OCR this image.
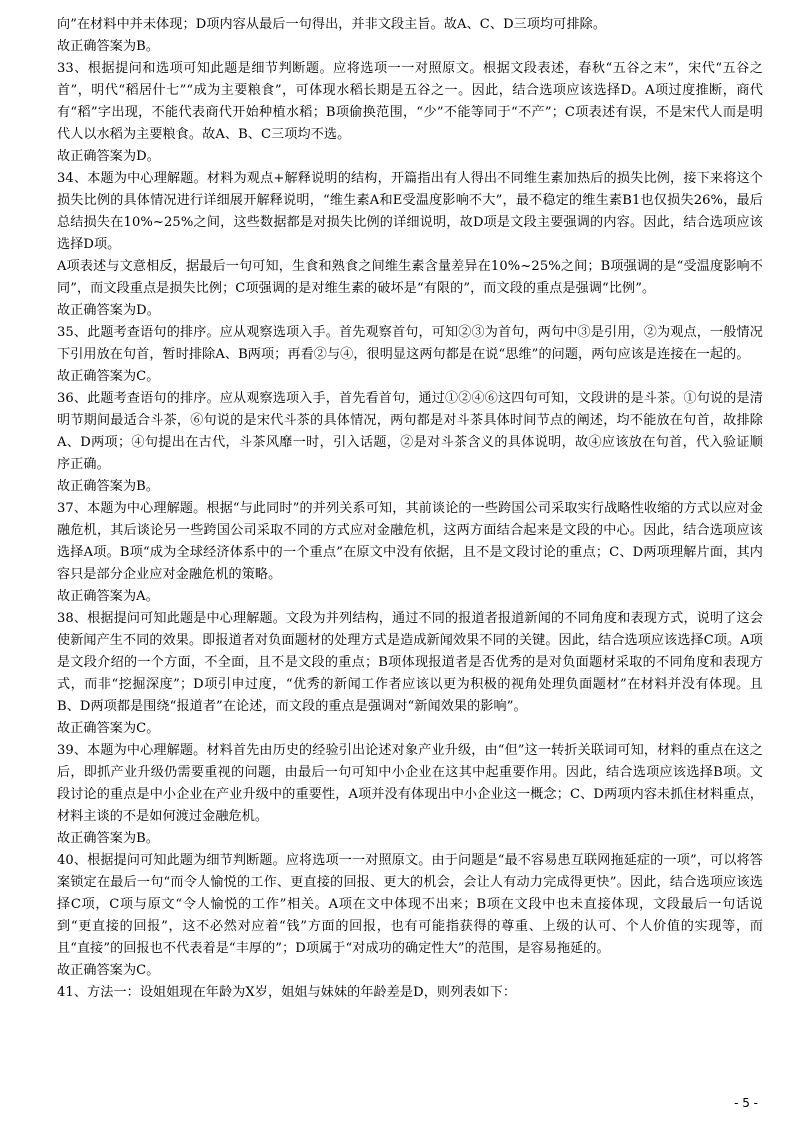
向”在材料中并未体现；D项内容从最后一句得出，并非文段主旨。故A、C、D三项均可排除。

故正确答案为B。

33、根据提问和选项可知此题是细节判断题。应将选项一一对照原文。根据文段表述，春秋“五谷之末”，宋代“五谷之首”，明代“稻居什七”“成为主要粮食”，可体现水稻长期是五谷之一。因此，结合选项应该选择D。A项过度推断，商代有“稻”字出现，不能代表商代开始种植水稻；B项偷换范围，“少”不能等同于“不产”；C项表述有误，不是宋代人而是明代人以水稻为主要粮食。故A、B、C三项均不选。

故正确答案为D。

34、本题为中心理解题。材料为观点+解释说明的结构，开篇指出有人得出不同维生素加热后的损失比例，接下来将这个损失比例的具体情况进行详细展开解释说明，“维生素A和E受温度影响不大”，最不稳定的维生素B1也仅损失26%，最后总结损失在10%~25%之间，这些数据都是对损失比例的详细说明，故D项是文段主要强调的内容。因此，结合选项应该选择D项。

A项表述与文意相反，据最后一句可知，生食和熟食之间维生素含量差异在10%~25%之间；B项强调的是“受温度影响不同”，而文段重点是损失比例；C项强调的是对维生素的破坏是“有限的”，而文段的重点是强调“比例”。

故正确答案为D。

35、此题考查语句的排序。应从观察选项入手。首先观察首句，可知②③为首句，两句中③是引用，②为观点，一般情况下引用放在句首，暂时排除A、B两项；再看②与④，很明显这两句都是在说“思维”的问题，两句应该是连接在一起的。

故正确答案为C。

36、此题考查语句的排序。应从观察选项入手，首先看首句，通过①②④⑥这四句可知，文段讲的是斗茶。①句说的是清明节期间最适合斗茶，⑥句说的是宋代斗茶的具体情况，两句都是对斗茶具体时间节点的阐述，均不能放在句首，故排除A、D两项；④句提出在古代，斗茶风靡一时，引入话题，②是对斗茶含义的具体说明，故④应该放在句首，代入验证顺序正确。

故正确答案为B。

37、本题为中心理解题。根据“与此同时”的并列关系可知，其前谈论的一些跨国公司采取实行战略性收缩的方式以应对金融危机，其后谈论另一些跨国公司采取不同的方式应对金融危机，这两方面结合起来是文段的中心。因此，结合选项应该选择A项。B项“成为全球经济体系中的一个重点”在原文中没有依据，且不是文段讨论的重点；C、D两项理解片面，其内容只是部分企业应对金融危机的策略。

故正确答案为A。

38、根据提问可知此题是中心理解题。文段为并列结构，通过不同的报道者报道新闻的不同角度和表现方式，说明了这会使新闻产生不同的效果。即报道者对负面题材的处理方式是造成新闻效果不同的关键。因此，结合选项应该选择C项。A项是文段介绍的一个方面，不全面，且不是文段的重点；B项体现报道者是否优秀的是对负面题材采取的不同角度和表现方式，而非“挖掘深度”；D项引申过度，“优秀的新闻工作者应该以更为积极的视角处理负面题材”在材料并没有体现。且B、D两项都是围绕“报道者”在论述，而文段的重点是强调对“新闻效果的影响”。

故正确答案为C。

39、本题为中心理解题。材料首先由历史的经验引出论述对象产业升级，由“但”这一转折关联词可知，材料的重点在这之后，即抓产业升级仍需要重视的问题，由最后一句可知中小企业在这其中起重要作用。因此，结合选项应该选择B项。文段讨论的重点是中小企业在产业升级中的重要性，A项并没有体现出中小企业这一概念；C、D两项内容未抓住材料重点，材料主谈的不是如何渡过金融危机。

故正确答案为B。

40、根据提问可知此题为细节判断题。应将选项一一对照原文。由于问题是“最不容易患互联网拖延症的一项”，可以将答案锁定在最后一句“而令人愉悦的工作、更直接的回报、更大的机会，会让人有动力完成得更快”。因此，结合选项应该选择C项，C项与原文“令人愉悦的工作”相关。A项在文中体现不出来；B项在文段中也未直接体现，文段最后一句话说到“更直接的回报”，这不必然对应着“钱”方面的回报，也有可能指获得的尊重、上级的认可、个人价值的实现等，而且“直接”的回报也不代表着是“丰厚的”；D项属于“对成功的确定性大”的范围，是容易拖延的。

故正确答案为C。

41、方法一：设姐姐现在年龄为X岁，姐姐与妹妹的年龄差是D，则列表如下：

- 5 -
